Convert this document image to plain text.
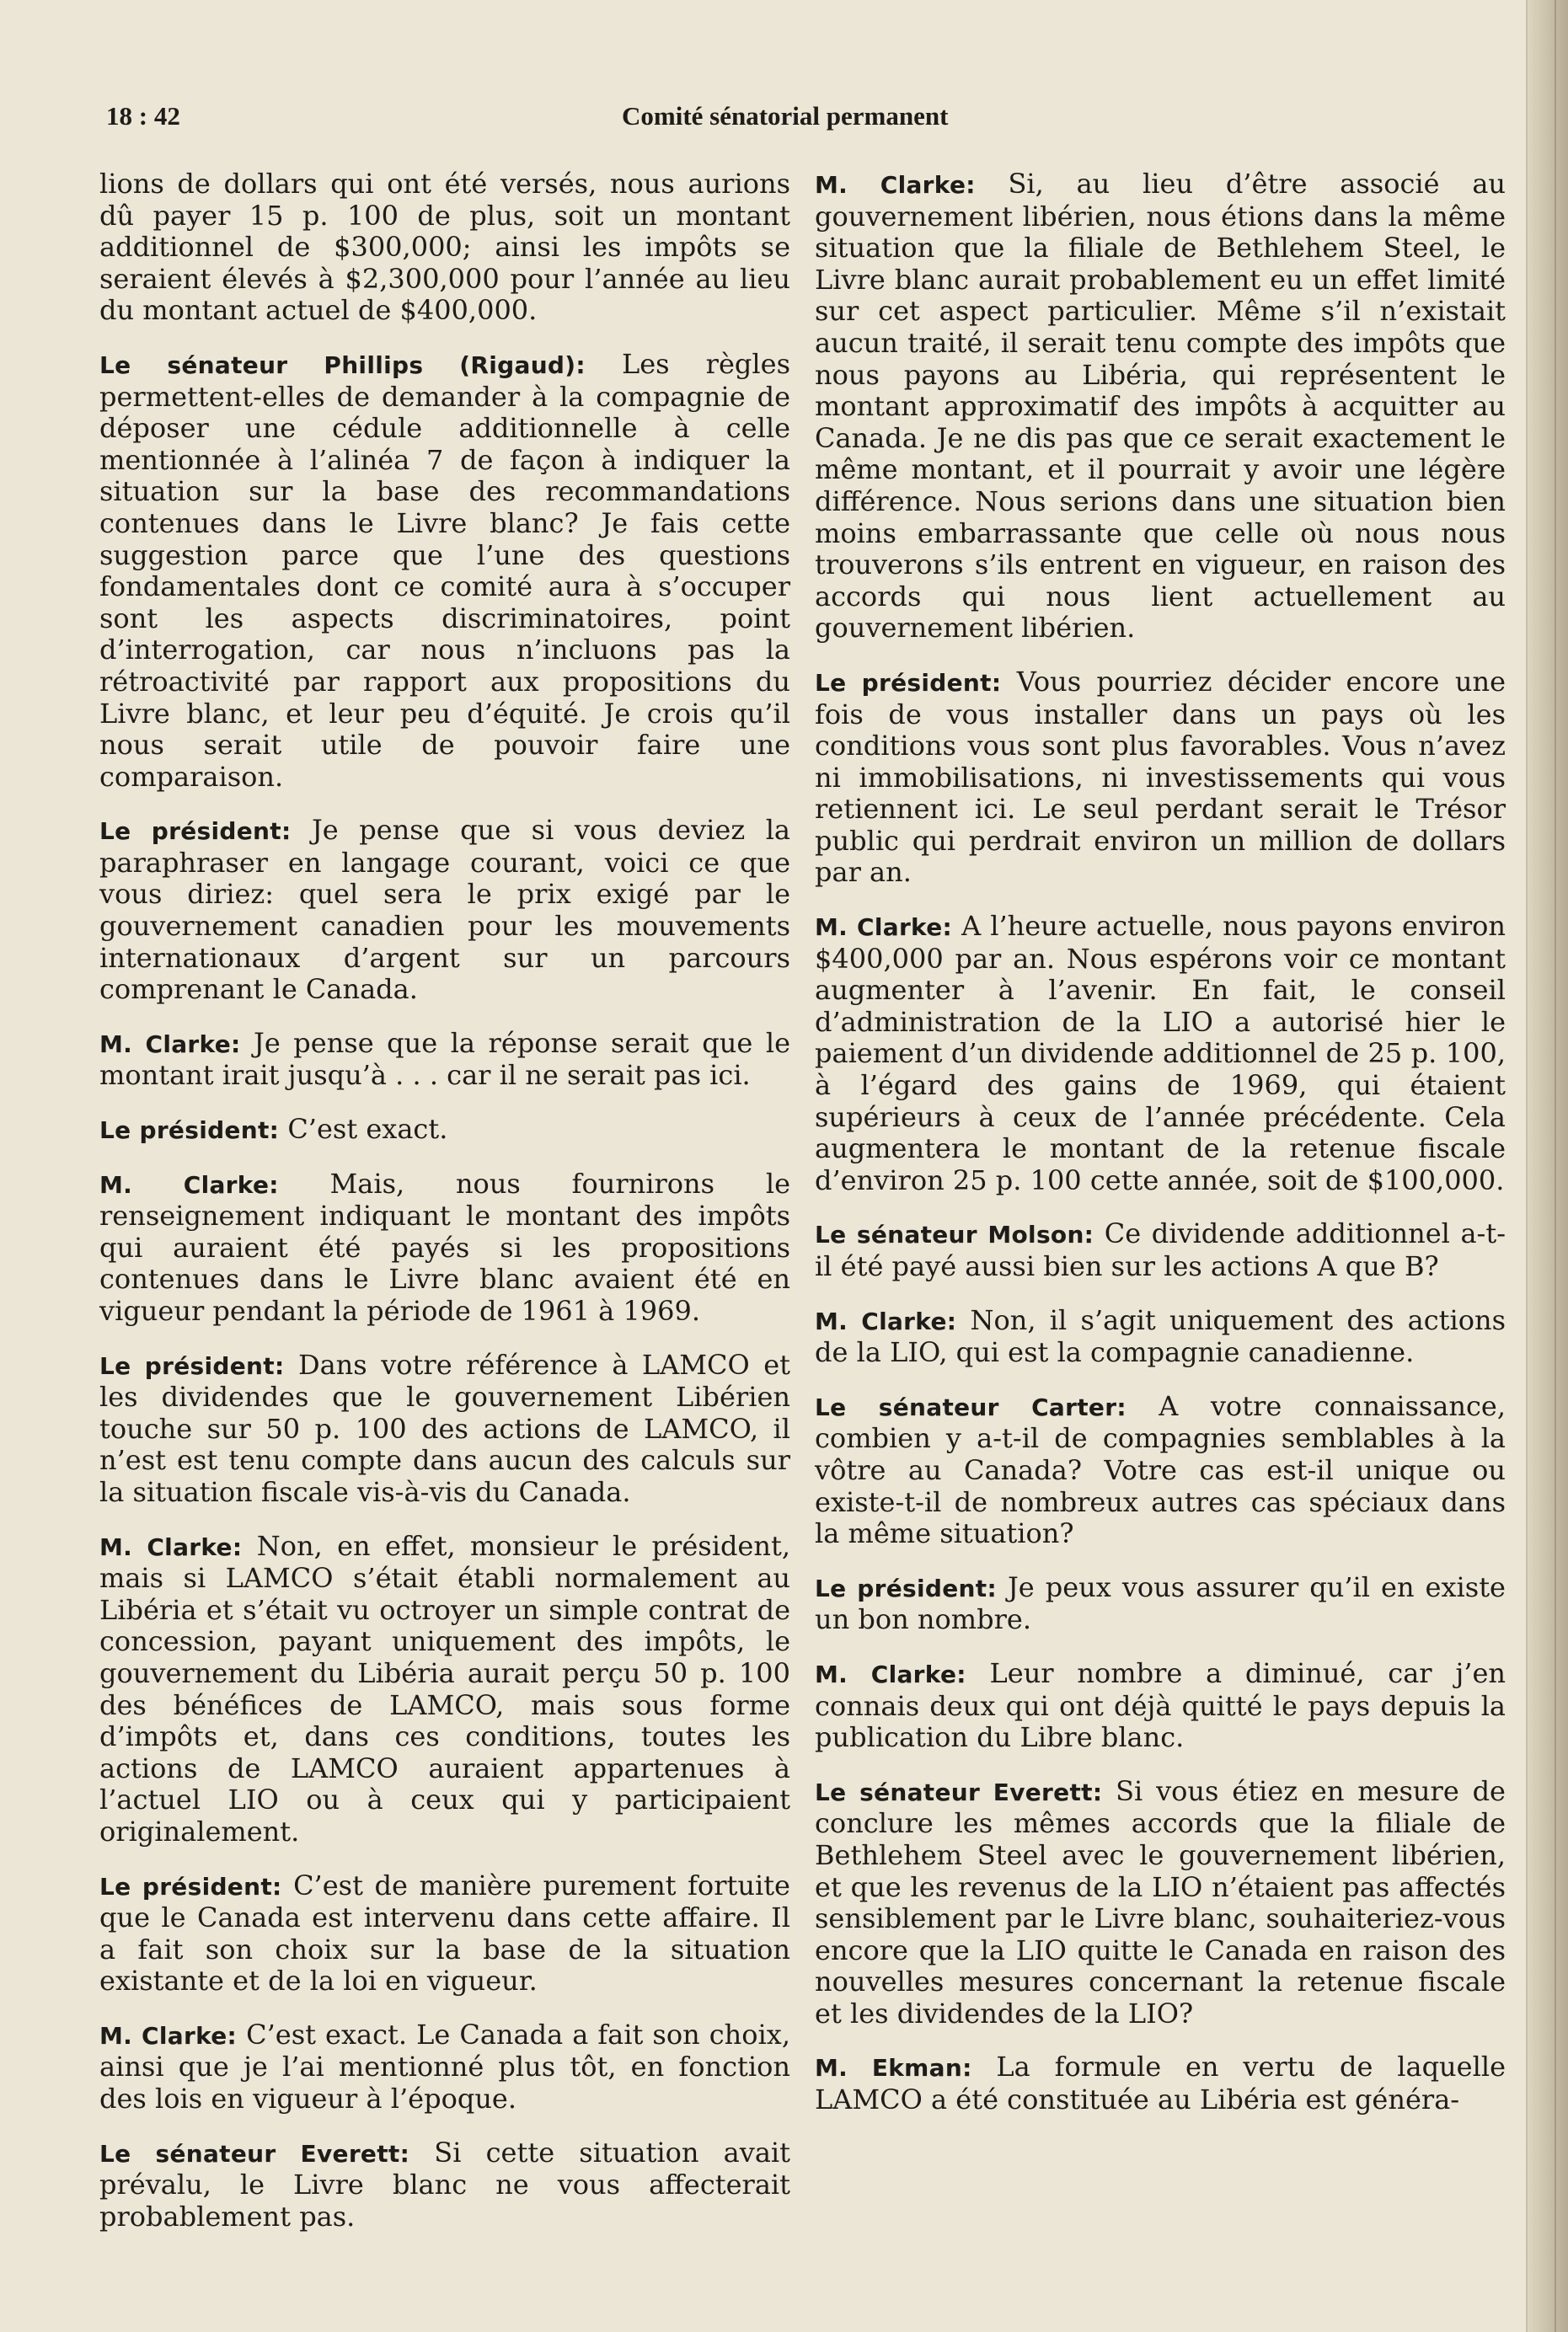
18 : 42	Comité sénatorial permanent

lions de dollars qui ont été versés, nous aurions dû payer 15 p. 100 de plus, soit un montant additionnel de $300,000; ainsi les impôts se seraient élevés à $2,300,000 pour l’année au lieu du montant actuel de $400,000.

Le sénateur Phillips (Rigaud): Les règles permettent-elles de demander à la compagnie de déposer une cédule additionnelle à celle mentionnée à l’alinéa 7 de façon à indiquer la situation sur la base des recommandations contenues dans le Livre blanc? Je fais cette suggestion parce que l’une des questions fondamentales dont ce comité aura à s’occuper sont les aspects discriminatoires, point d’interrogation, car nous n’incluons pas la rétroactivité par rapport aux propositions du Livre blanc, et leur peu d’équité. Je crois qu’il nous serait utile de pouvoir faire une comparaison.

Le président: Je pense que si vous deviez la paraphraser en langage courant, voici ce que vous diriez: quel sera le prix exigé par le gouvernement canadien pour les mouvements internationaux d’argent sur un parcours comprenant le Canada.

M. Clarke: Je pense que la réponse serait que le montant irait jusqu’à . . . car il ne serait pas ici.

Le président: C’est exact.

M. Clarke: Mais, nous fournirons le renseignement indiquant le montant des impôts qui auraient été payés si les propositions contenues dans le Livre blanc avaient été en vigueur pendant la période de 1961 à 1969.

Le président: Dans votre référence à LAMCO et les dividendes que le gouvernement Libérien touche sur 50 p. 100 des actions de LAMCO, il n’est est tenu compte dans aucun des calculs sur la situation fiscale vis-à-vis du Canada.

M. Clarke: Non, en effet, monsieur le président, mais si LAMCO s’était établi normalement au Libéria et s’était vu octroyer un simple contrat de concession, payant uniquement des impôts, le gouvernement du Libéria aurait perçu 50 p. 100 des bénéfices de LAMCO, mais sous forme d’impôts et, dans ces conditions, toutes les actions de LAMCO auraient appartenues à l’actuel LIO ou à ceux qui y participaient originalement.

Le président: C’est de manière purement fortuite que le Canada est intervenu dans cette affaire. Il a fait son choix sur la base de la situation existante et de la loi en vigueur.

M. Clarke: C’est exact. Le Canada a fait son choix, ainsi que je l’ai mentionné plus tôt, en fonction des lois en vigueur à l’époque.

Le sénateur Everett: Si cette situation avait prévalu, le Livre blanc ne vous affecterait probablement pas.

M. Clarke: Si, au lieu d’être associé au gouvernement libérien, nous étions dans la même situation que la filiale de Bethlehem Steel, le Livre blanc aurait probablement eu un effet limité sur cet aspect particulier. Même s’il n’existait aucun traité, il serait tenu compte des impôts que nous payons au Libéria, qui représentent le montant approximatif des impôts à acquitter au Canada. Je ne dis pas que ce serait exactement le même montant, et il pourrait y avoir une légère différence. Nous serions dans une situation bien moins embarrassante que celle où nous nous trouverons s’ils entrent en vigueur, en raison des accords qui nous lient actuellement au gouvernement libérien.

Le président: Vous pourriez décider encore une fois de vous installer dans un pays où les conditions vous sont plus favorables. Vous n’avez ni immobilisations, ni investissements qui vous retiennent ici. Le seul perdant serait le Trésor public qui perdrait environ un million de dollars par an.

M. Clarke: A l’heure actuelle, nous payons environ $400,000 par an. Nous espérons voir ce montant augmenter à l’avenir. En fait, le conseil d’administration de la LIO a autorisé hier le paiement d’un dividende additionnel de 25 p. 100, à l’égard des gains de 1969, qui étaient supérieurs à ceux de l’année précédente. Cela augmentera le montant de la retenue fiscale d’environ 25 p. 100 cette année, soit de $100,000.

Le sénateur Molson: Ce dividende additionnel a-t-il été payé aussi bien sur les actions A que B?

M. Clarke: Non, il s’agit uniquement des actions de la LIO, qui est la compagnie canadienne.

Le sénateur Carter: A votre connaissance, combien y a-t-il de compagnies semblables à la vôtre au Canada? Votre cas est-il unique ou existe-t-il de nombreux autres cas spéciaux dans la même situation?

Le président: Je peux vous assurer qu’il en existe un bon nombre.

M. Clarke: Leur nombre a diminué, car j’en connais deux qui ont déjà quitté le pays depuis la publication du Libre blanc.

Le sénateur Everett: Si vous étiez en mesure de conclure les mêmes accords que la filiale de Bethlehem Steel avec le gouvernement libérien, et que les revenus de la LIO n’étaient pas affectés sensiblement par le Livre blanc, souhaiteriez-vous encore que la LIO quitte le Canada en raison des nouvelles mesures concernant la retenue fiscale et les dividendes de la LIO?

M. Ekman: La formule en vertu de laquelle LAMCO a été constituée au Libéria est généra-
